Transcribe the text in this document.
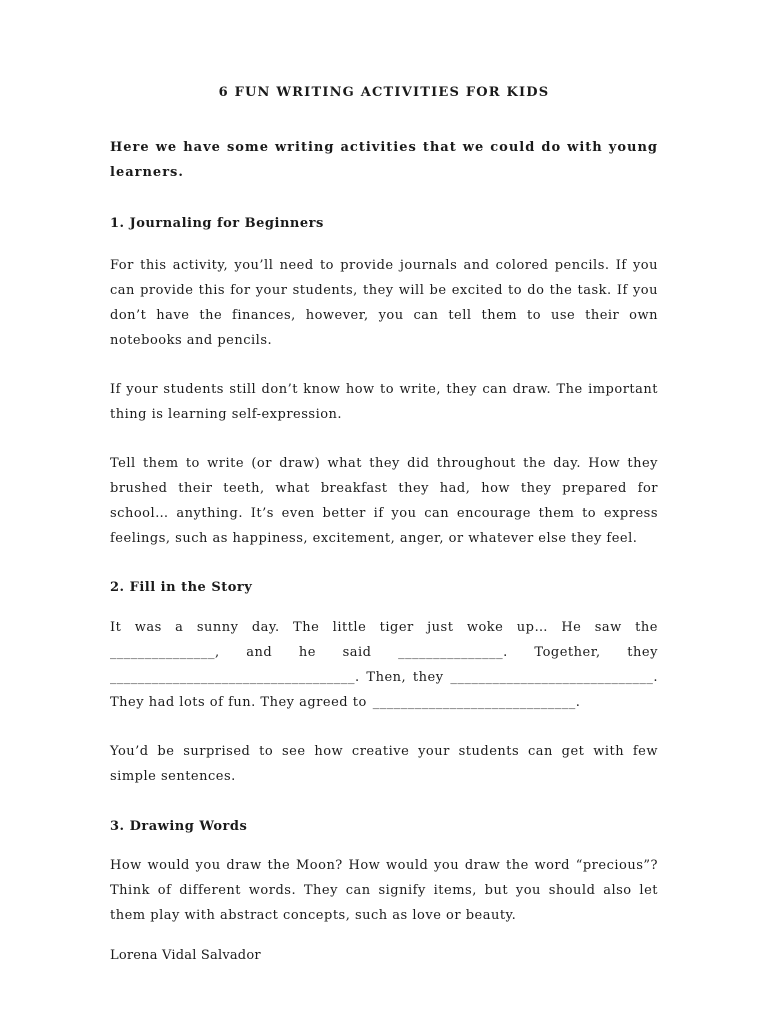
6 FUN WRITING ACTIVITIES FOR KIDS
Here we have some writing activities that we could do with young learners.
1. Journaling for Beginners
For this activity, you’ll need to provide journals and colored pencils. If you can provide this for your students, they will be excited to do the task. If you don’t have the finances, however, you can tell them to use their own notebooks and pencils.
If your students still don’t know how to write, they can draw. The important thing is learning self-expression.
Tell them to write (or draw) what they did throughout the day. How they brushed their teeth, what breakfast they had, how they prepared for school… anything. It’s even better if you can encourage them to express feelings, such as happiness, excitement, anger, or whatever else they feel.
2. Fill in the Story
It was a sunny day. The little tiger just woke up… He saw the
_______________, and he said _______________. Together, they
___________________________________. Then, they _____________________________.
They had lots of fun. They agreed to _____________________________.
You’d be surprised to see how creative your students can get with few simple sentences.
3. Drawing Words
How would you draw the Moon? How would you draw the word “precious”? Think of different words. They can signify items, but you should also let them play with abstract concepts, such as love or beauty.
Lorena Vidal Salvador
